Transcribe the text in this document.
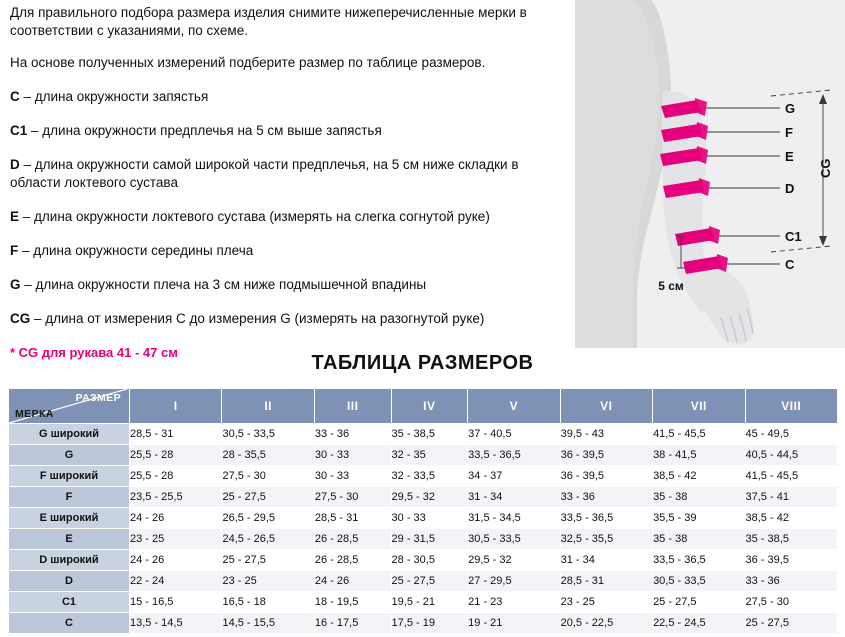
Для правильного подбора размера изделия снимите нижеперечисленные мерки в соответствии с указаниями, по схеме.

На основе полученных измерений подберите размер по таблице размеров.

C – длина окружности запястья

C1 – длина окружности предплечья на 5 см выше запястья

D – длина окружности самой широкой части предплечья, на 5 см ниже складки в области локтевого сустава

E – длина окружности локтевого сустава (измерять на слегка согнутой руке)

F – длина окружности середины плеча

G – длина окружности плеча на 3 см ниже подмышечной впадины

CG – длина от измерения C до измерения G (измерять на разогнутой руке)

* CG для рукава 41 - 47 см

G
F
E
D
C1
C
CG
5 см
ТАБЛИЦА РАЗМЕРОВ
РАЗМЕР
МЕРКА	I	II	III	IV	V	VI	VII	VIII
G широкий	28,5 - 31	30,5 - 33,5	33 - 36	35 - 38,5	37 - 40,5	39,5 - 43	41,5 - 45,5	45 - 49,5
G	25,5 - 28	28 - 35,5	30 - 33	32 - 35	33,5 - 36,5	36 - 39,5	38 - 41,5	40,5 - 44,5
F широкий	25,5 - 28	27,5 - 30	30 - 33	32 - 33,5	34 - 37	36 - 39,5	38,5 - 42	41,5 - 45,5
F	23,5 - 25,5	25 - 27,5	27,5 - 30	29,5 - 32	31 - 34	33 - 36	35 - 38	37,5 - 41
E широкий	24 - 26	26,5 - 29,5	28,5 - 31	30 - 33	31,5 - 34,5	33,5 - 36,5	35,5 - 39	38,5 - 42
E	23 - 25	24,5 - 26,5	26 - 28,5	29 - 31,5	30,5 - 33,5	32,5 - 35,5	35 - 38	35 - 38,5
D широкий	24 - 26	25 - 27,5	26 - 28,5	28 - 30,5	29,5 - 32	31 - 34	33,5 - 36,5	36 - 39,5
D	22 - 24	23 - 25	24 - 26	25 - 27,5	27 - 29,5	28,5 - 31	30,5 - 33,5	33 - 36
C1	15 - 16,5	16,5 - 18	18 - 19,5	19,5 - 21	21 - 23	23 - 25	25 - 27,5	27,5 - 30
C	13,5 - 14,5	14,5 - 15,5	16 - 17,5	17,5 - 19	19 - 21	20,5 - 22,5	22,5 - 24,5	25 - 27,5
